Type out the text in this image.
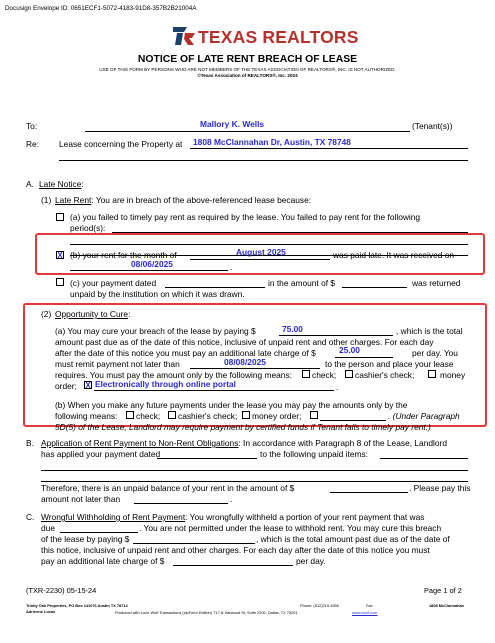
Docusign Envelope ID: 0651ECF1-5072-4183-91D8-357B2B21004A
TEXAS REALTORS
NOTICE OF LATE RENT BREACH OF LEASE
USE OF THIS FORM BY PERSONS WHO ARE NOT MEMBERS OF THE TEXAS ASSOCIATION OF REALTORS®, INC. IS NOT AUTHORIZED.
©Texas Association of REALTORS®, Inc. 2024
To:	Mallory K. Wells	(Tenant(s))
Re: Lease concerning the Property at 1808 McClannahan Dr, Austin, TX 78748
A. Late Notice:
(1) Late Rent: You are in breach of the above-referenced lease because:
(a) you failed to timely pay rent as required by the lease. You failed to pay rent for the following
period(s):
X (b) your rent for the month of	August 2025	was paid late. It was received on
08/06/2025	.
(c) your payment dated	in the amount of $	was returned
unpaid by the institution on which it was drawn.
(2) Opportunity to Cure:
(a) You may cure your breach of the lease by paying $	75.00	, which is the total
amount past due as of the date of this notice, inclusive of unpaid rent and other charges. For each day
after the date of this notice you must pay an additional late charge of $	25.00	per day. You
must remit payment not later than	08/08/2025	to the person and place your lease
requires. You must pay the amount only by the following means: check; cashier's check;	money
order; X Electronically through online portal	.
(b) When you make any future payments under the lease you may pay the amounts only by the
following means: check; cashier's check; money order;	. (Under Paragraph
5D(5) of the Lease, Landlord may require payment by certified funds if Tenant fails to timely pay rent.)
B. Application of Rent Payment to Non-Rent Obligations: In accordance with Paragraph 8 of the Lease, Landlord
has applied your payment dated	to the following unpaid items:
Therefore, there is an unpaid balance of your rent in the amount of $	. Please pay this
amount not later than	.
C. Wrongful Withholding of Rent Payment: You wrongfully withheld a portion of your rent payment that was
due	. You are not permitted under the lease to withhold rent. You may cure this breach
of the lease by paying $	, which is the total amount past due as of the date of
this notice, inclusive of unpaid rent and other charges. For each day after the date of this notice you must
pay an additional late charge of $	per day.
(TXR-2230) 05-15-24	Page 1 of 2
Trinity Oak Properties, PO Box 141076 Austin TX 78714
Adrienne Lucas
Phone: (512)215-3555	Fax:	1808 McClannahan
Produced with Lone Wolf Transactions (zipForm Edition) 717 N Harwood St, Suite 2200, Dallas, TX 75201	www.lwolf.com
